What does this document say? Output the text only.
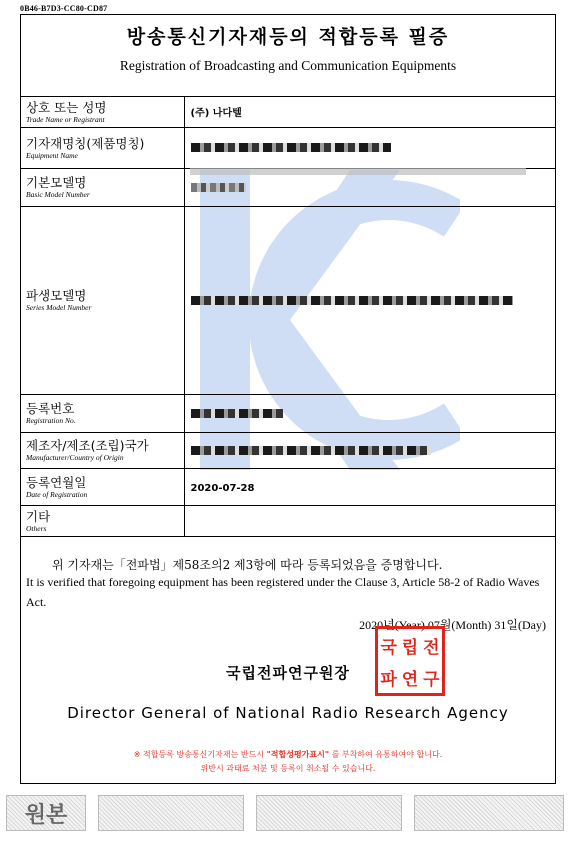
0B46-B7D3-CC80-CD87
방송통신기자재등의 적합등록 필증
Registration of Broadcasting and Communication Equipments
상호 또는 성명
Trade Name or Registrant	(주) 나다텔

기자재명칭(제품명칭)
Equipment Name	

기본모델명
Basic Model Number	

파생모델명
Series Model Number	

등록번호
Registration No.	

제조자/제조(조립)국가
Manufacturer/Country of Origin	

등록연월일
Date of Registration	2020-07-28

기타
Others	

위 기자재는「전파법」제58조의2 제3항에 따라 등록되었음을 증명합니다.
It is verified that foregoing equipment has been registered under the Clause 3, Article 58-2 of Radio Waves Act.
2020년(Year) 07월(Month) 31일(Day)
국립전파연구원장
국 립 전
파 연 구
Director General of National Radio Research Agency
※ 적합등록 방송통신기자재는 반드시 "적합성평가표시" 를 부착하여 유통하여야 합니다.
위반시 과태료 처분 및 등록이 취소될 수 있습니다.
원본
